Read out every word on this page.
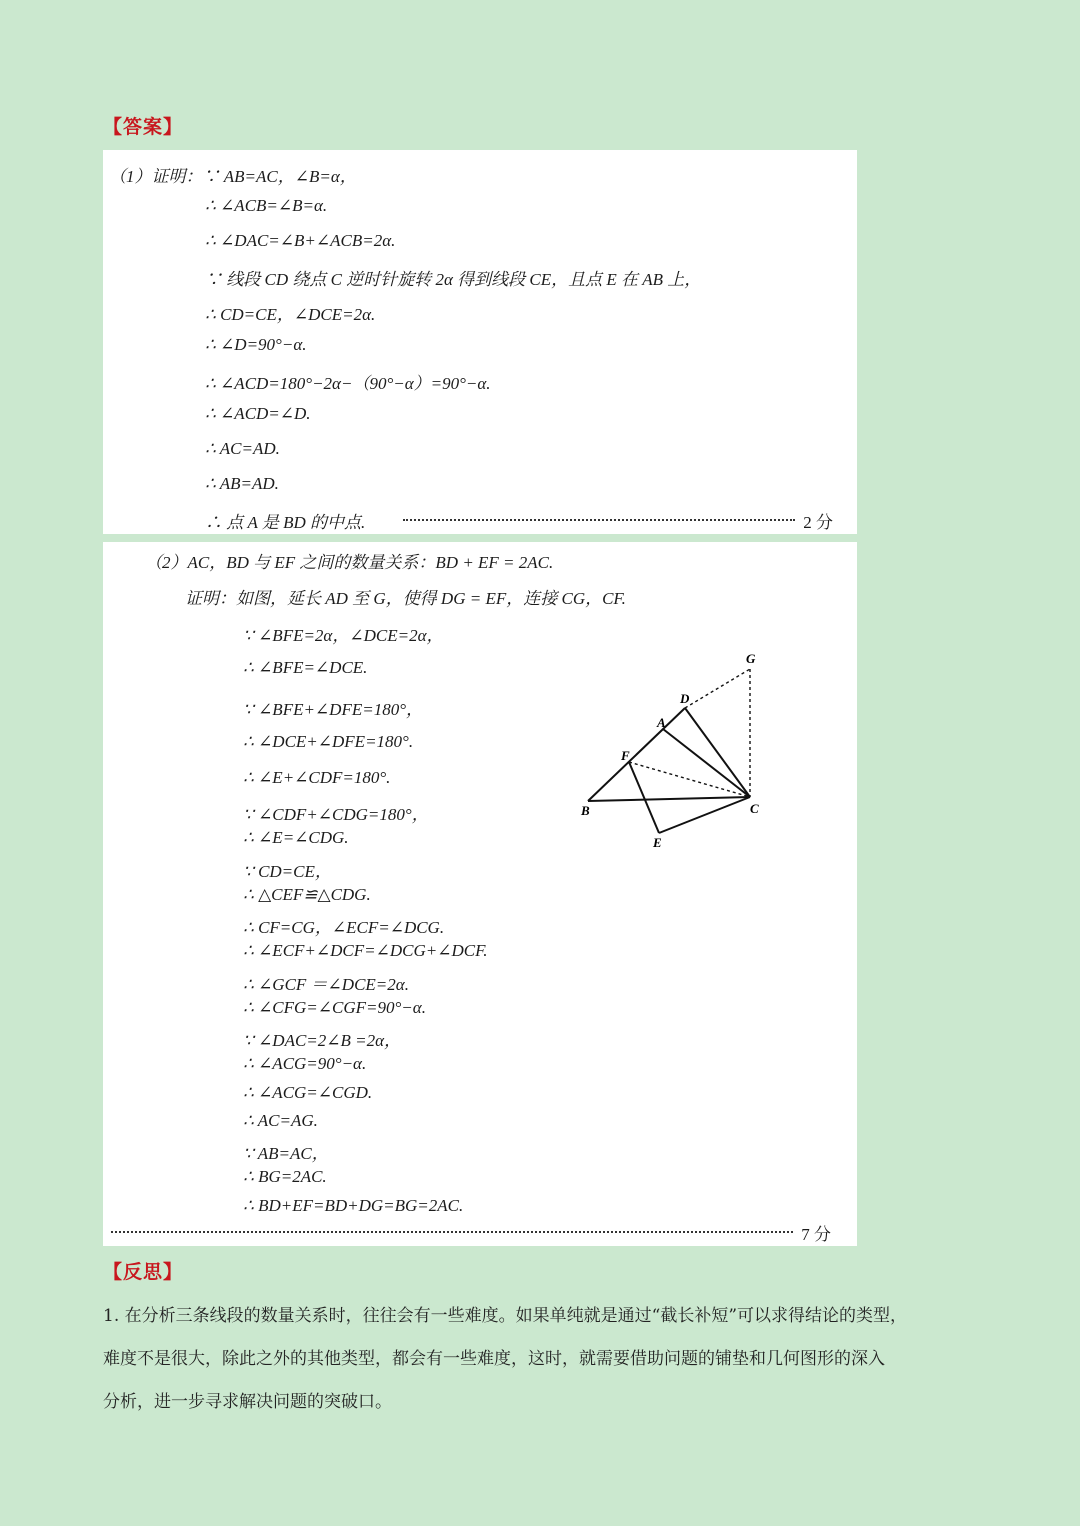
【答案】
（1）证明：∵ AB=AC，∠B=α，
∴ ∠ACB=∠B=α.
∴ ∠DAC=∠B+∠ACB=2α.
∵ 线段 CD 绕点 C 逆时针旋转 2α 得到线段 CE，且点 E 在 AB 上，
∴ CD=CE，∠DCE=2α.
∴ ∠D=90°−α.
∴ ∠ACD=180°−2α−（90°−α）=90°−α.
∴ ∠ACD=∠D.
∴ AC=AD.
∴ AB=AD.
∴ 点 A 是 BD 的中点.	2 分
（2）AC，BD 与 EF 之间的数量关系：BD + EF = 2AC.
证明：如图，延长 AD 至 G，使得 DG = EF，连接 CG，CF.
∵ ∠BFE=2α，∠DCE=2α，
∴ ∠BFE=∠DCE.
∵ ∠BFE+∠DFE=180°，
∴ ∠DCE+∠DFE=180°.
∴ ∠E+∠CDF=180°.
∵ ∠CDF+∠CDG=180°，
∴ ∠E=∠CDG.
∵ CD=CE，
∴ △CEF≌△CDG.
∴ CF=CG，∠ECF=∠DCG.
∴ ∠ECF+∠DCF=∠DCG+∠DCF.
∴ ∠GCF ＝∠DCE=2α.
∴ ∠CFG=∠CGF=90°−α.
∵ ∠DAC=2∠B =2α，
∴ ∠ACG=90°−α.
∴ ∠ACG=∠CGD.
∴ AC=AG.
∵ AB=AC，
∴ BG=2AC.
∴ BD+EF=BD+DG=BG=2AC.
G
D
A
F
B	C
E
7 分
【反思】
1. 在分析三条线段的数量关系时，往往会有一些难度。如果单纯就是通过“截长补短”可以求得结论的类型，
难度不是很大，除此之外的其他类型，都会有一些难度，这时，就需要借助问题的铺垫和几何图形的深入
分析，进一步寻求解决问题的突破口。
